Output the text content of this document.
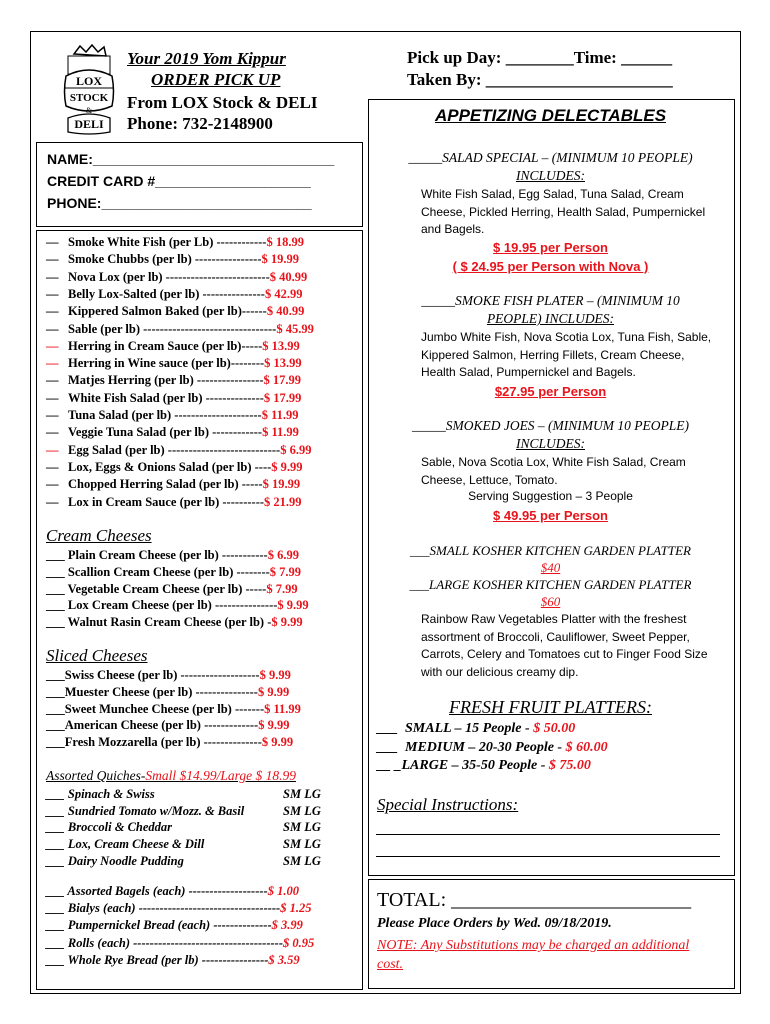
LOX
STOCK
&
DELI
Your 2019 Yom Kippur
ORDER PICK UP
From LOX Stock & DELI
Phone: 732-2148900
Pick up Day: ________Time: ______
Taken By: ______________________
NAME:_______________________________
CREDIT CARD #____________________
PHONE:___________________________
— Smoke White Fish (per Lb) ------------$ 18.99
— Smoke Chubbs (per lb) ----------------$ 19.99
— Nova Lox (per lb) -------------------------$ 40.99
— Belly Lox-Salted (per lb) ---------------$ 42.99
— Kippered Salmon Baked (per lb)------$ 40.99
— Sable (per lb) --------------------------------$ 45.99
— Herring in Cream Sauce (per lb)-----$ 13.99
— Herring in Wine sauce (per lb)--------$ 13.99
— Matjes Herring (per lb) ----------------$ 17.99
— White Fish Salad (per lb) --------------$ 17.99
— Tuna Salad (per lb) ---------------------$ 11.99
— Veggie Tuna Salad (per lb) ------------$ 11.99
— Egg Salad (per lb) ---------------------------$ 6.99
— Lox, Eggs & Onions Salad (per lb) ----$ 9.99
— Chopped Herring Salad (per lb) -----$ 19.99
— Lox in Cream Sauce (per lb) ----------$ 21.99
Cream Cheeses
___ Plain Cream Cheese (per lb) -----------$ 6.99
___ Scallion Cream Cheese (per lb) --------$ 7.99
___ Vegetable Cream Cheese (per lb) -----$ 7.99
___ Lox Cream Cheese (per lb) ---------------$ 9.99
___ Walnut Rasin Cream Cheese (per lb) -$ 9.99
Sliced Cheeses
___Swiss Cheese (per lb) -------------------$ 9.99
___Muester Cheese (per lb) ---------------$ 9.99
___Sweet Munchee Cheese (per lb) -------$ 11.99
___American Cheese (per lb) -------------$ 9.99
___Fresh Mozzarella (per lb) --------------$ 9.99
Assorted Quiches-Small $14.99/Large $ 18.99
___ Spinach & Swiss	SM LG
___ Sundried Tomato w/Mozz. & Basil	SM LG
___ Broccoli & Cheddar	SM LG
___ Lox, Cream Cheese & Dill	SM LG
___ Dairy Noodle Pudding	SM LG
___ Assorted Bagels (each) -------------------$ 1.00
___ Bialys (each) ----------------------------------$ 1.25
___ Pumpernickel Bread (each) --------------$ 3.99
___ Rolls (each) ------------------------------------$ 0.95
___ Whole Rye Bread (per lb) ----------------$ 3.59
APPETIZING DELECTABLES
_____SALAD SPECIAL – (MINIMUM 10 PEOPLE)
INCLUDES:
White Fish Salad, Egg Salad, Tuna Salad, Cream Cheese, Pickled Herring, Health Salad, Pumpernickel and Bagels.
$ 19.95 per Person
( $ 24.95 per Person with Nova )
_____SMOKE FISH PLATER – (MINIMUM 10
PEOPLE) INCLUDES:
Jumbo White Fish, Nova Scotia Lox, Tuna Fish, Sable, Kippered Salmon, Herring Fillets, Cream Cheese, Health Salad, Pumpernickel and Bagels.
$27.95 per Person
_____SMOKED JOES – (MINIMUM 10 PEOPLE)
INCLUDES:
Sable, Nova Scotia Lox, White Fish Salad, Cream Cheese, Lettuce, Tomato.
Serving Suggestion – 3 People
$ 49.95 per Person
___SMALL KOSHER KITCHEN GARDEN PLATTER
$40
___LARGE KOSHER KITCHEN GARDEN PLATTER
$60
Rainbow Raw Vegetables Platter with the freshest assortment of Broccoli, Cauliflower, Sweet Pepper, Carrots, Celery and Tomatoes cut to Finger Food Size with our delicious creamy dip.
FRESH FRUIT PLATTERS:
___  SMALL – 15 People - $ 50.00
___  MEDIUM – 20-30 People - $ 60.00
__ _LARGE – 35-50 People - $ 75.00
Special Instructions:
TOTAL: ________________________
Please Place Orders by Wed. 09/18/2019.
NOTE: Any Substitutions may be charged an additional cost.
